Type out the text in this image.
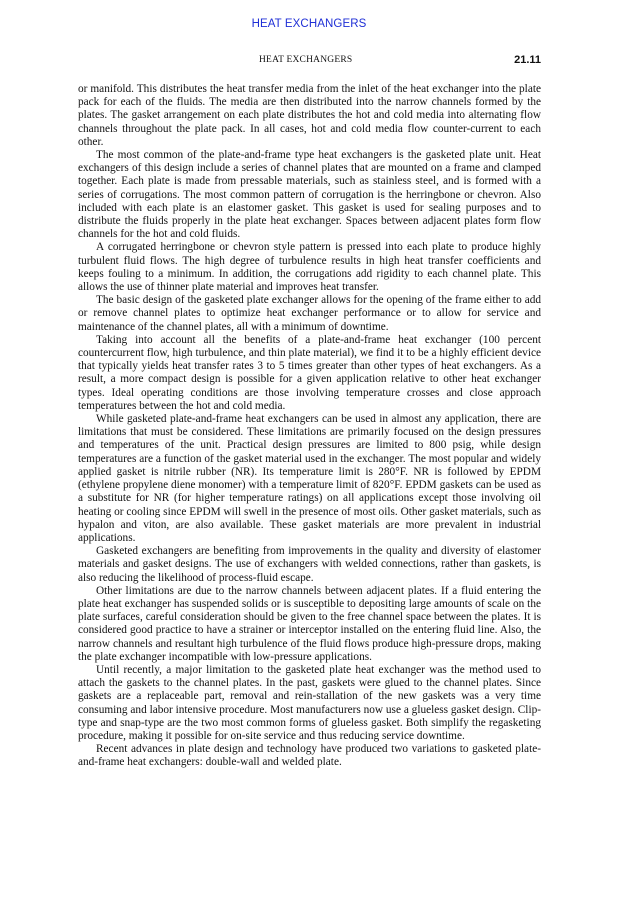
HEAT EXCHANGERS
HEAT EXCHANGERS	21.11

or manifold. This distributes the heat transfer media from the inlet of the heat exchanger into the plate pack for each of the fluids. The media are then distributed into the narrow channels formed by the plates. The gasket arrangement on each plate distributes the hot and cold media into alternating flow channels throughout the plate pack. In all cases, hot and cold media flow counter-current to each other.

The most common of the plate-and-frame type heat exchangers is the gasketed plate unit. Heat exchangers of this design include a series of channel plates that are mounted on a frame and clamped together. Each plate is made from pressable materials, such as stainless steel, and is formed with a series of corrugations. The most common pattern of corrugation is the herringbone or chevron. Also included with each plate is an elastomer gasket. This gasket is used for sealing purposes and to distribute the fluids properly in the plate heat exchanger. Spaces between adjacent plates form flow channels for the hot and cold fluids.

A corrugated herringbone or chevron style pattern is pressed into each plate to produce highly turbulent fluid flows. The high degree of turbulence results in high heat transfer coefficients and keeps fouling to a minimum. In addition, the corrugations add rigidity to each channel plate. This allows the use of thinner plate material and improves heat transfer.

The basic design of the gasketed plate exchanger allows for the opening of the frame either to add or remove channel plates to optimize heat exchanger performance or to allow for service and maintenance of the channel plates, all with a minimum of downtime.

Taking into account all the benefits of a plate-and-frame heat exchanger (100 percent countercurrent flow, high turbulence, and thin plate material), we find it to be a highly efficient device that typically yields heat transfer rates 3 to 5 times greater than other types of heat exchangers. As a result, a more compact design is possible for a given application relative to other heat exchanger types. Ideal operating conditions are those involving temperature crosses and close approach temperatures between the hot and cold media.

While gasketed plate-and-frame heat exchangers can be used in almost any application, there are limitations that must be considered. These limitations are primarily focused on the design pressures and temperatures of the unit. Practical design pressures are limited to 800 psig, while design temperatures are a function of the gasket material used in the exchanger. The most popular and widely applied gasket is nitrile rubber (NR). Its temperature limit is 280°F. NR is followed by EPDM (ethylene propylene diene monomer) with a temperature limit of 820°F. EPDM gaskets can be used as a substitute for NR (for higher temperature ratings) on all applications except those involving oil heating or cooling since EPDM will swell in the presence of most oils. Other gasket materials, such as hypalon and viton, are also available. These gasket materials are more prevalent in industrial applications.

Gasketed exchangers are benefiting from improvements in the quality and diversity of elastomer materials and gasket designs. The use of exchangers with welded connections, rather than gaskets, is also reducing the likelihood of process-fluid escape.

Other limitations are due to the narrow channels between adjacent plates. If a fluid entering the plate heat exchanger has suspended solids or is susceptible to depositing large amounts of scale on the plate surfaces, careful consideration should be given to the free channel space between the plates. It is considered good practice to have a strainer or interceptor installed on the entering fluid line. Also, the narrow channels and resultant high turbulence of the fluid flows produce high-pressure drops, making the plate exchanger incompatible with low-pressure applications.

Until recently, a major limitation to the gasketed plate heat exchanger was the method used to attach the gaskets to the channel plates. In the past, gaskets were glued to the channel plates. Since gaskets are a replaceable part, removal and rein-stallation of the new gaskets was a very time consuming and labor intensive procedure. Most manufacturers now use a glueless gasket design. Clip-type and snap-type are the two most common forms of glueless gasket. Both simplify the regasketing procedure, making it possible for on-site service and thus reducing service downtime.

Recent advances in plate design and technology have produced two variations to gasketed plate-and-frame heat exchangers: double-wall and welded plate.
